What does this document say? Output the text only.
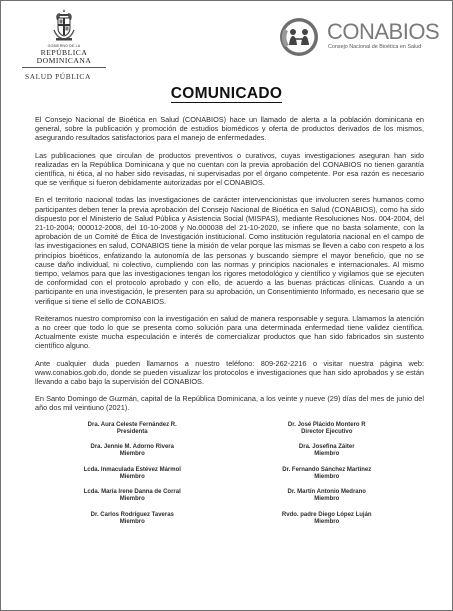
GOBIERNO DE LA
REPÚBLICA DOMINICANA
SALUD PÚBLICA
CONABIOS
Consejo Nacional de Bioética en Salud
COMUNICADO

El Consejo Nacional de Bioética en Salud (CONABIOS) hace un llamado de alerta a la población dominicana en general, sobre la publicación y promoción de estudios biomédicos y oferta de productos derivados de los mismos, asegurando resultados satisfactorios para el manejo de enfermedades.

Las publicaciones que circulan de productos preventivos o curativos, cuyas investigaciones aseguran han sido realizadas en la República Dominicana y que no cuentan con la previa aprobación del CONABIOS no tienen garantía científica, ni ética, al no haber sido revisadas, ni supervisadas por el órgano competente. Por esa razón es necesario que se verifique si fueron debidamente autorizadas por el CONABIOS.

En el territorio nacional todas las investigaciones de carácter intervencionistas que involucren seres humanos como participantes deben tener la previa aprobación del Consejo Nacional de Bioética en Salud (CONABIOS), como ha sido dispuesto por el Ministerio de Salud Pública y Asistencia Social (MISPAS), mediante Resoluciones Nos. 004-2004, del 21-10-2004; 000012-2008, del 10-10-2008 y No.000038 del 21-10-2020, se infiere que no basta solamente, con la aprobación de un Comité de Ética de Investigación institucional. Como institución regulatoria nacional en el campo de las investigaciones en salud, CONABIOS tiene la misión de velar porque las mismas se lleven a cabo con respeto a los principios bioéticos, enfatizando la autonomía de las personas y buscando siempre el mayor beneficio, que no se cause daño individual, ni colectivo, cumpliendo con las normas y principios nacionales e internacionales. Al mismo tiempo, velamos para que las investigaciones tengan los rigores metodológico y científico y vigilamos que se ejecuten de conformidad con el protocolo aprobado y con ello, de acuerdo a las buenas prácticas clínicas. Cuando a un participante en una investigación, le presenten para su aprobación, un Consentimiento Informado, es necesario que se verifique si tiene el sello de CONABIOS.

Reiteramos nuestro compromiso con la investigación en salud de manera responsable y segura. Llamamos la atención a no creer que todo lo que se presenta como solución para una determinada enfermedad tiene validez científica. Actualmente existe mucha especulación e interés de comercializar productos que han sido fabricados sin sustento científico alguno.

Ante cualquier duda pueden llamarnos a nuestro teléfono: 809-262-2216 o visitar nuestra página web: www.conabios.gob.do, donde se pueden visualizar los protocolos e investigaciones que han sido aprobados y se están llevando a cabo bajo la supervisión del CONABIOS.

En Santo Domingo de Guzmán, capital de la República Dominicana, a los veinte y nueve (29) días del mes de junio del año dos mil veintiuno (2021).

Dra. Aura Celeste Fernández R.
Presidenta
Dr. José Plácido Montero R
Director Ejecutivo
Dra. Jennie M. Adorno Rivera
Miembro
Dra. Josefina Záiter
Miembro
Lcda. Inmaculada Estévez Mármol
Miembro
Dr. Fernando Sánchez Martínez
Miembro
Lcda. María Irene Danna de Corral
Miembro
Dr. Martín Antonio Medrano
Miembro
Dr. Carlos Rodríguez Taveras
Miembro
Rvdo. padre Diego López Luján
Miembro
